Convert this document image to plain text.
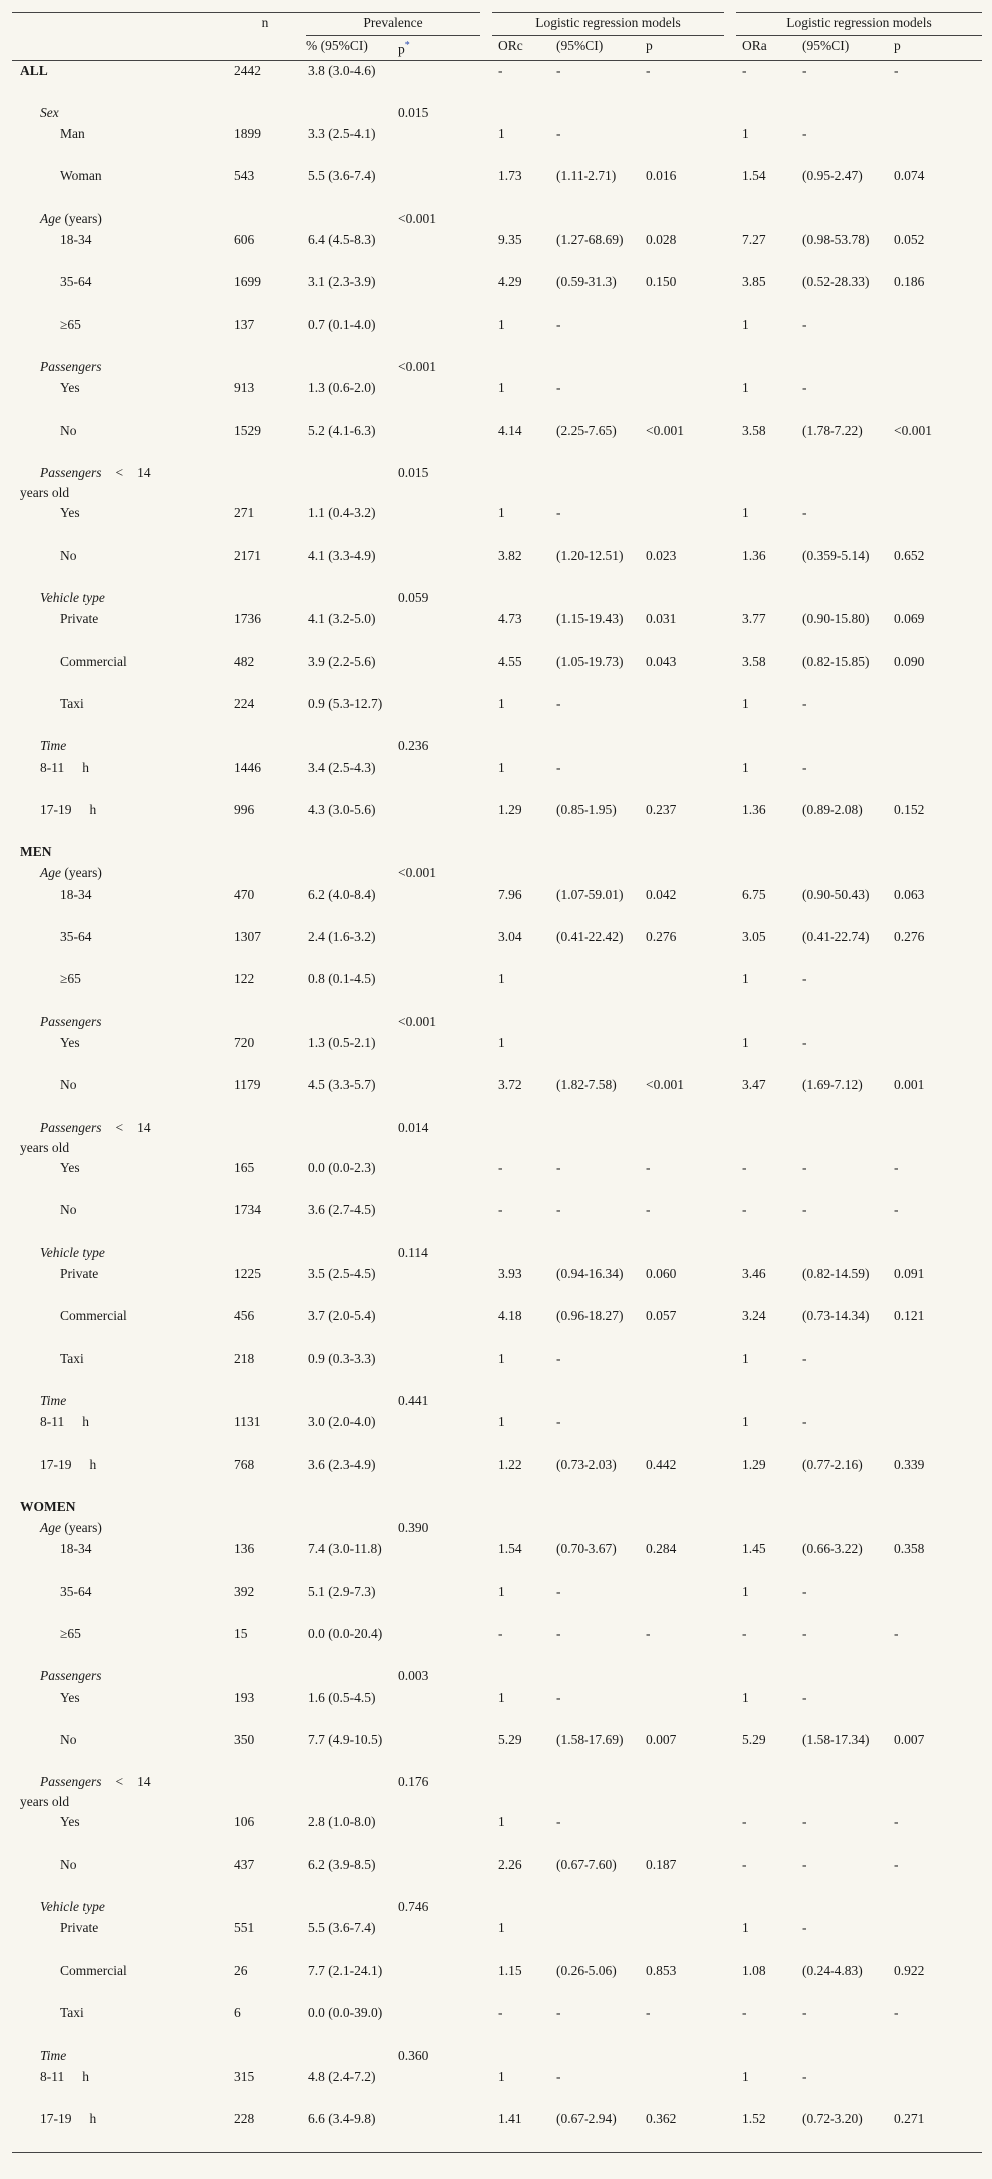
	n	Prevalence		Logistic regression models			Logistic regression models		
		% (95%CI)	p*	ORc	(95%CI)	p	ORa	(95%CI)	p
ALL	2442	3.8 (3.0-4.6)		-	-	-	-	-	-
Sex			0.015						
Man	1899	3.3 (2.5-4.1)		1	-		1	-	
Woman	543	5.5 (3.6-7.4)		1.73	(1.11-2.71)	0.016	1.54	(0.95-2.47)	0.074
Age (years)			<0.001						
18-34	606	6.4 (4.5-8.3)		9.35	(1.27-68.69)	0.028	7.27	(0.98-53.78)	0.052
35-64	1699	3.1 (2.3-3.9)		4.29	(0.59-31.3)	0.150	3.85	(0.52-28.33)	0.186
≥65	137	0.7 (0.1-4.0)		1	-		1	-	
Passengers			<0.001						
Yes	913	1.3 (0.6-2.0)		1	-		1	-	
No	1529	5.2 (4.1-6.3)		4.14	(2.25-7.65)	<0.001	3.58	(1.78-7.22)	<0.001

Passengers < 14
years old			0.015						
Yes	271	1.1 (0.4-3.2)		1	-		1	-	
No	2171	4.1 (3.3-4.9)		3.82	(1.20-12.51)	0.023	1.36	(0.359-5.14)	0.652
Vehicle type			0.059						
Private	1736	4.1 (3.2-5.0)		4.73	(1.15-19.43)	0.031	3.77	(0.90-15.80)	0.069
Commercial	482	3.9 (2.2-5.6)		4.55	(1.05-19.73)	0.043	3.58	(0.82-15.85)	0.090
Taxi	224	0.9 (5.3-12.7)		1	-		1	-	
Time			0.236						
8-11 h	1446	3.4 (2.5-4.3)		1	-		1	-	
17-19 h	996	4.3 (3.0-5.6)		1.29	(0.85-1.95)	0.237	1.36	(0.89-2.08)	0.152
MEN									
Age (years)			<0.001						
18-34	470	6.2 (4.0-8.4)		7.96	(1.07-59.01)	0.042	6.75	(0.90-50.43)	0.063
35-64	1307	2.4 (1.6-3.2)		3.04	(0.41-22.42)	0.276	3.05	(0.41-22.74)	0.276
≥65	122	0.8 (0.1-4.5)		1			1	-	
Passengers			<0.001						
Yes	720	1.3 (0.5-2.1)		1			1	-	
No	1179	4.5 (3.3-5.7)		3.72	(1.82-7.58)	<0.001	3.47	(1.69-7.12)	0.001

Passengers < 14
years old			0.014						
Yes	165	0.0 (0.0-2.3)		-	-	-	-	-	-
No	1734	3.6 (2.7-4.5)		-	-	-	-	-	-
Vehicle type			0.114						
Private	1225	3.5 (2.5-4.5)		3.93	(0.94-16.34)	0.060	3.46	(0.82-14.59)	0.091
Commercial	456	3.7 (2.0-5.4)		4.18	(0.96-18.27)	0.057	3.24	(0.73-14.34)	0.121
Taxi	218	0.9 (0.3-3.3)		1	-		1	-	
Time			0.441						
8-11 h	1131	3.0 (2.0-4.0)		1	-		1	-	
17-19 h	768	3.6 (2.3-4.9)		1.22	(0.73-2.03)	0.442	1.29	(0.77-2.16)	0.339
WOMEN									
Age (years)			0.390						
18-34	136	7.4 (3.0-11.8)		1.54	(0.70-3.67)	0.284	1.45	(0.66-3.22)	0.358
35-64	392	5.1 (2.9-7.3)		1	-		1	-	
≥65	15	0.0 (0.0-20.4)		-	-	-	-	-	-
Passengers			0.003						
Yes	193	1.6 (0.5-4.5)		1	-		1	-	
No	350	7.7 (4.9-10.5)		5.29	(1.58-17.69)	0.007	5.29	(1.58-17.34)	0.007

Passengers < 14
years old			0.176						
Yes	106	2.8 (1.0-8.0)		1	-		-	-	-
No	437	6.2 (3.9-8.5)		2.26	(0.67-7.60)	0.187	-	-	-
Vehicle type			0.746						
Private	551	5.5 (3.6-7.4)		1			1	-	
Commercial	26	7.7 (2.1-24.1)		1.15	(0.26-5.06)	0.853	1.08	(0.24-4.83)	0.922
Taxi	6	0.0 (0.0-39.0)		-	-	-	-	-	-
Time			0.360						
8-11 h	315	4.8 (2.4-7.2)		1	-		1	-	
17-19 h	228	6.6 (3.4-9.8)		1.41	(0.67-2.94)	0.362	1.52	(0.72-3.20)	0.271
